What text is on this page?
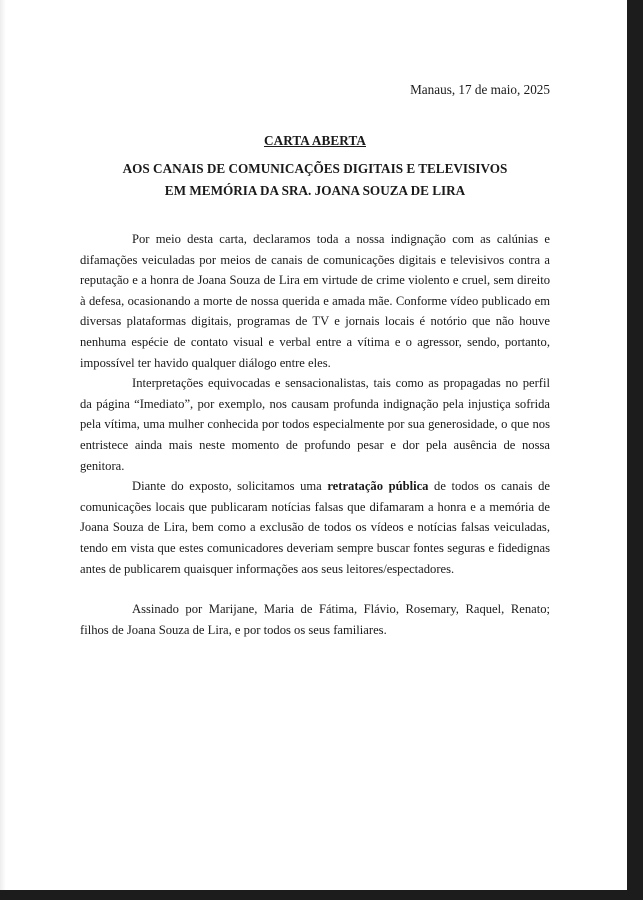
Manaus, 17 de maio, 2025
CARTA ABERTA
AOS CANAIS DE COMUNICAÇÕES DIGITAIS E TELEVISIVOS
EM MEMÓRIA DA SRA. JOANA SOUZA DE LIRA

Por meio desta carta, declaramos toda a nossa indignação com as calúnias e difamações veiculadas por meios de canais de comunicações digitais e televisivos contra a reputação e a honra de Joana Souza de Lira em virtude de crime violento e cruel, sem direito à defesa, ocasionando a morte de nossa querida e amada mãe. Conforme vídeo publicado em diversas plataformas digitais, programas de TV e jornais locais é notório que não houve nenhuma espécie de contato visual e verbal entre a vítima e o agressor, sendo, portanto, impossível ter havido qualquer diálogo entre eles.

Interpretações equivocadas e sensacionalistas, tais como as propagadas no perfil da página “Imediato”, por exemplo, nos causam profunda indignação pela injustiça sofrida pela vítima, uma mulher conhecida por todos especialmente por sua generosidade, o que nos entristece ainda mais neste momento de profundo pesar e dor pela ausência de nossa genitora.

Diante do exposto, solicitamos uma retratação pública de todos os canais de comunicações locais que publicaram notícias falsas que difamaram a honra e a memória de Joana Souza de Lira, bem como a exclusão de todos os vídeos e notícias falsas veiculadas, tendo em vista que estes comunicadores deveriam sempre buscar fontes seguras e fidedignas antes de publicarem quaisquer informações aos seus leitores/espectadores.

Assinado por Marijane, Maria de Fátima, Flávio, Rosemary, Raquel, Renato; filhos de Joana Souza de Lira, e por todos os seus familiares.
